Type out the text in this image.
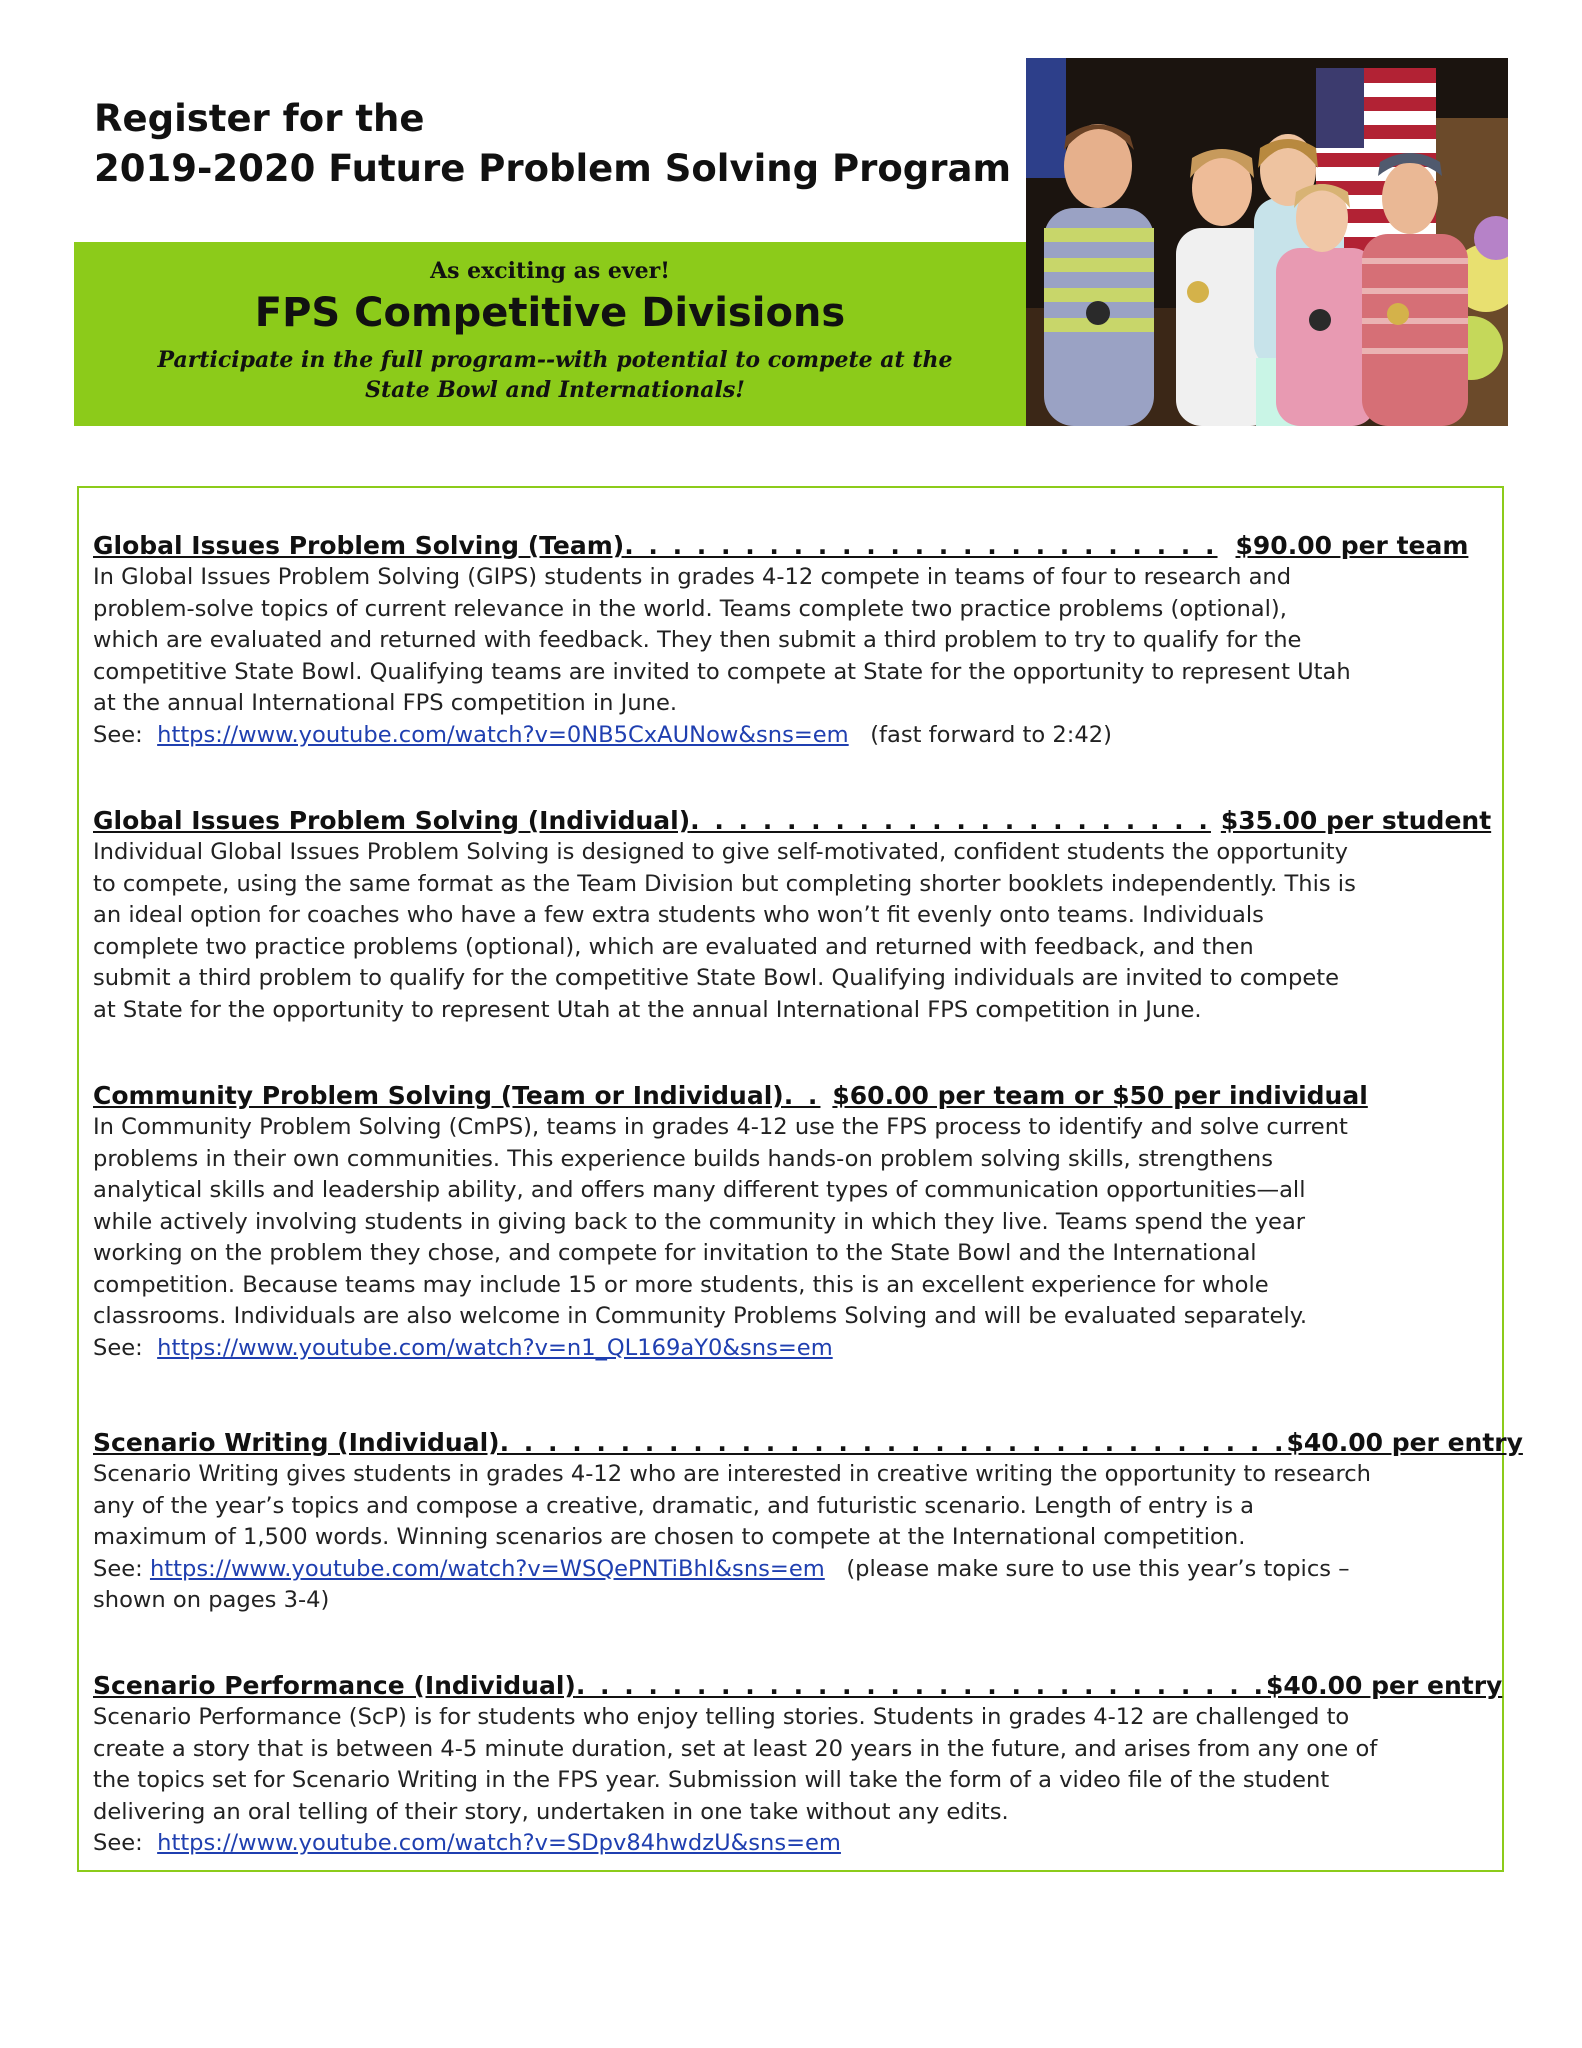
Register for the
2019-2020 Future Problem Solving Program
As exciting as ever!
FPS Competitive Divisions
Participate in the full program--with potential to compete at the
State Bowl and Internationals!
Global Issues Problem Solving (Team) . . . . . . . . . . . . . . . . . . . . . . . . . $90.00 per team
In Global Issues Problem Solving (GIPS) students in grades 4-12 compete in teams of four to research and
problem-solve topics of current relevance in the world. Teams complete two practice problems (optional),
which are evaluated and returned with feedback. They then submit a third problem to try to qualify for the
competitive State Bowl. Qualifying teams are invited to compete at State for the opportunity to represent Utah
at the annual International FPS competition in June.
See: https://www.youtube.com/watch?v=0NB5CxAUNow&sns=em (fast forward to 2:42)
Global Issues Problem Solving (Individual) . . . . . . . . . . . . . . . . . . . . . . $35.00 per student
Individual Global Issues Problem Solving is designed to give self-motivated, confident students the opportunity
to compete, using the same format as the Team Division but completing shorter booklets independently. This is
an ideal option for coaches who have a few extra students who won’t fit evenly onto teams. Individuals
complete two practice problems (optional), which are evaluated and returned with feedback, and then
submit a third problem to qualify for the competitive State Bowl. Qualifying individuals are invited to compete
at State for the opportunity to represent Utah at the annual International FPS competition in June.
Community Problem Solving (Team or Individual) . . $60.00 per team or $50 per individual
In Community Problem Solving (CmPS), teams in grades 4-12 use the FPS process to identify and solve current
problems in their own communities. This experience builds hands-on problem solving skills, strengthens
analytical skills and leadership ability, and offers many different types of communication opportunities—all
while actively involving students in giving back to the community in which they live. Teams spend the year
working on the problem they chose, and compete for invitation to the State Bowl and the International
competition. Because teams may include 15 or more students, this is an excellent experience for whole
classrooms. Individuals are also welcome in Community Problems Solving and will be evaluated separately.
See: https://www.youtube.com/watch?v=n1_QL169aY0&sns=em
Scenario Writing (Individual) . . . . . . . . . . . . . . . . . . . . . . . . . . . . . . . . . $40.00 per entry
Scenario Writing gives students in grades 4-12 who are interested in creative writing the opportunity to research
any of the year’s topics and compose a creative, dramatic, and futuristic scenario. Length of entry is a
maximum of 1,500 words. Winning scenarios are chosen to compete at the International competition.
See: https://www.youtube.com/watch?v=WSQePNTiBhI&sns=em (please make sure to use this year’s topics –
shown on pages 3-4)
Scenario Performance (Individual) . . . . . . . . . . . . . . . . . . . . . . . . . . . . . $40.00 per entry
Scenario Performance (ScP) is for students who enjoy telling stories. Students in grades 4-12 are challenged to
create a story that is between 4-5 minute duration, set at least 20 years in the future, and arises from any one of
the topics set for Scenario Writing in the FPS year. Submission will take the form of a video file of the student
delivering an oral telling of their story, undertaken in one take without any edits.
See: https://www.youtube.com/watch?v=SDpv84hwdzU&sns=em
